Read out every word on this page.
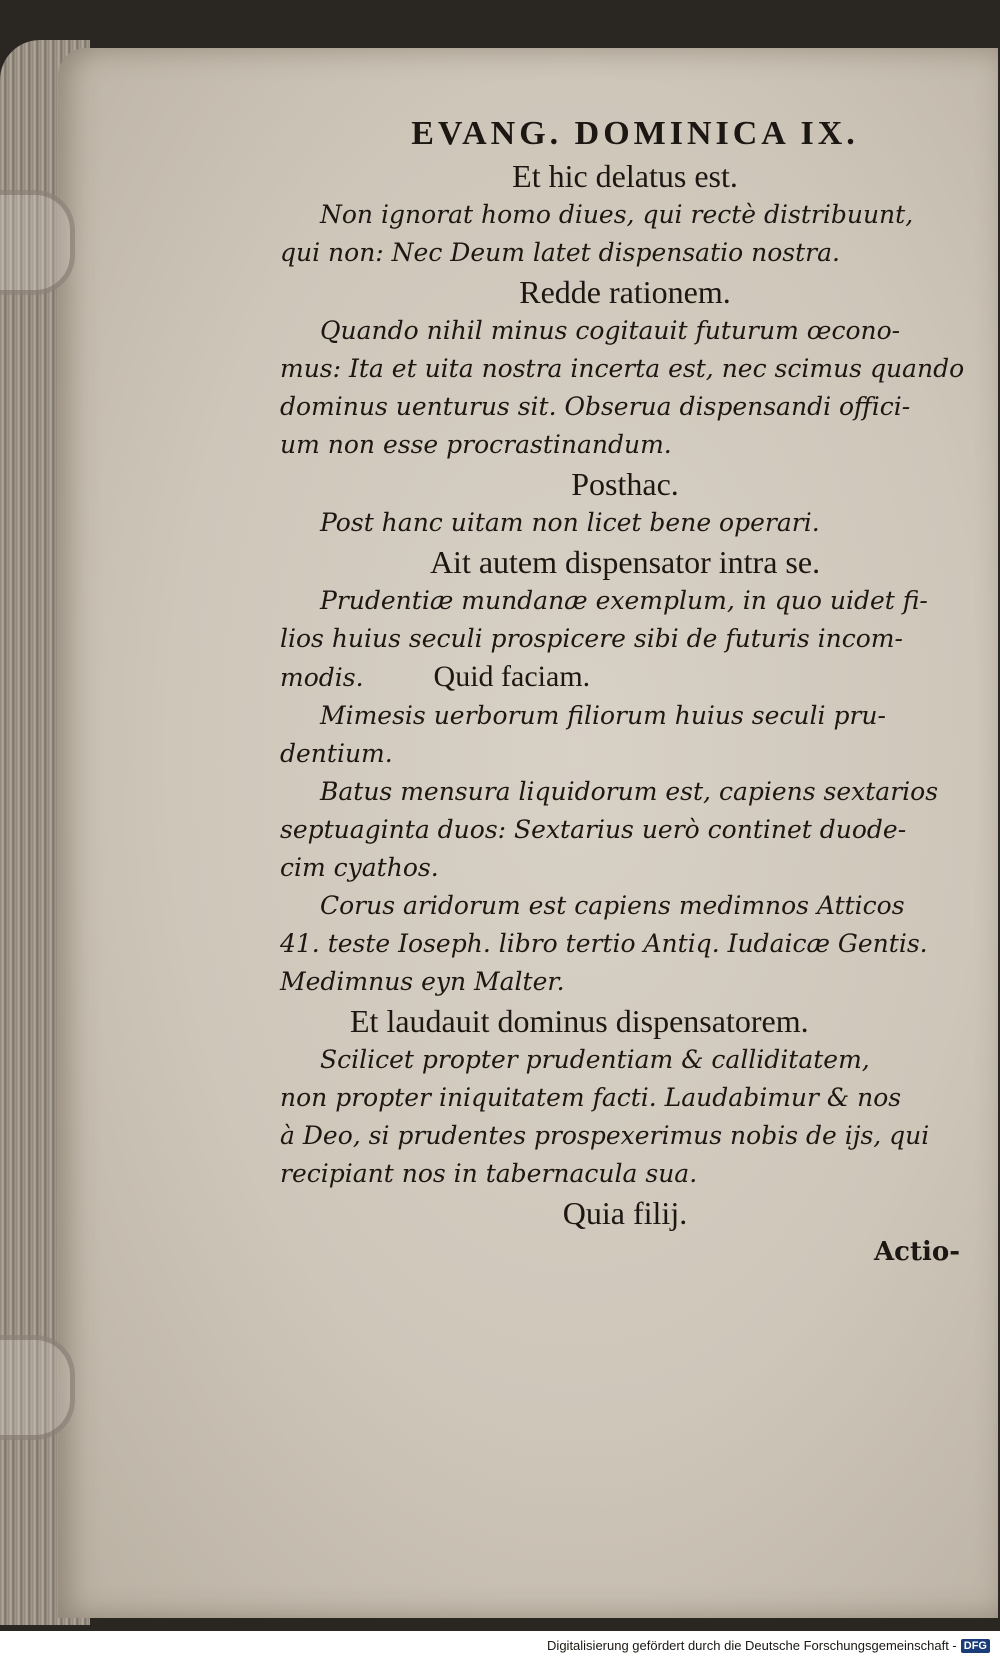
EVANG. DOMINICA IX.
Et hic delatus est.

Non ignorat homo diues, qui rectè distribuunt,
qui non: Nec Deum latet dispensatio nostra.

Redde rationem.

Quando nihil minus cogitauit futurum œcono-
mus: Ita et uita nostra incerta est, nec scimus quando
dominus uenturus sit. Obserua dispensandi offici-
um non esse procrastinandum.

Posthac.

Post hanc uitam non licet bene operari.

Ait autem dispensator intra se.

Prudentiæ mundanæ exemplum, in quo uidet fi-
lios huius seculi prospicere sibi de futuris incom-

modis. Quid faciam.

Mimesis uerborum filiorum huius seculi pru-
dentium.

Batus mensura liquidorum est, capiens sextarios
septuaginta duos: Sextarius uerò continet duode-
cim cyathos.

Corus aridorum est capiens medimnos Atticos
41. teste Ioseph. libro tertio Antiq. Iudaicæ Gentis.
Medimnus eyn Malter.

Et laudauit dominus dispensatorem.

Scilicet propter prudentiam & calliditatem,
non propter iniquitatem facti. Laudabimur & nos
à Deo, si prudentes prospexerimus nobis de ijs, qui
recipiant nos in tabernacula sua.

Quia filij.
Actio-
Digitalisierung gefördert durch die Deutsche Forschungsgemeinschaft - DFG
